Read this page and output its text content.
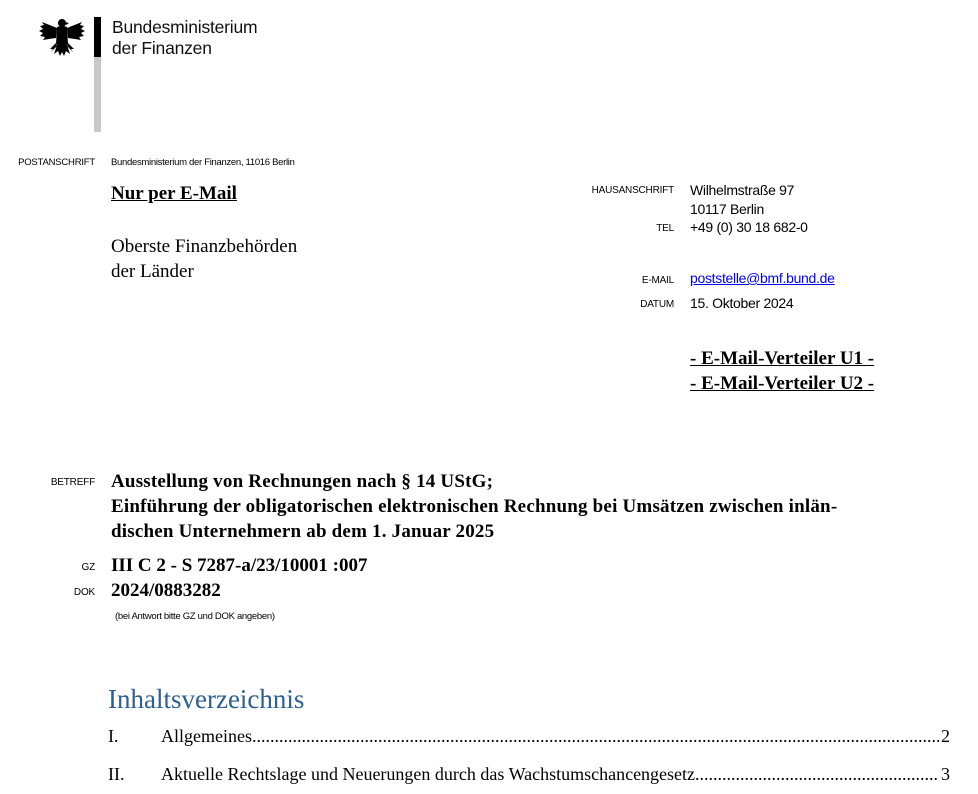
Bundesministerium
der Finanzen
POSTANSCHRIFT Bundesministerium der Finanzen, 11016 Berlin
Nur per E-Mail
Oberste Finanzbehörden
der Länder
HAUSANSCHRIFT Wilhelmstraße 97
10117 Berlin
TEL +49 (0) 30 18 682-0
E-MAIL poststelle@bmf.bund.de
DATUM 15. Oktober 2024
- E-Mail-Verteiler U1 -
- E-Mail-Verteiler U2 -
BETREFF Ausstellung von Rechnungen nach § 14 UStG;
Einführung der obligatorischen elektronischen Rechnung bei Umsätzen zwischen inlän-
dischen Unternehmern ab dem 1. Januar 2025
GZ III C 2 - S 7287-a/23/10001 :007
DOK 2024/0883282
(bei Antwort bitte GZ und DOK angeben)
Inhaltsverzeichnis
I.	Allgemeines .....	2
II.	Aktuelle Rechtslage und Neuerungen durch das Wachstumschancengesetz .....	3
